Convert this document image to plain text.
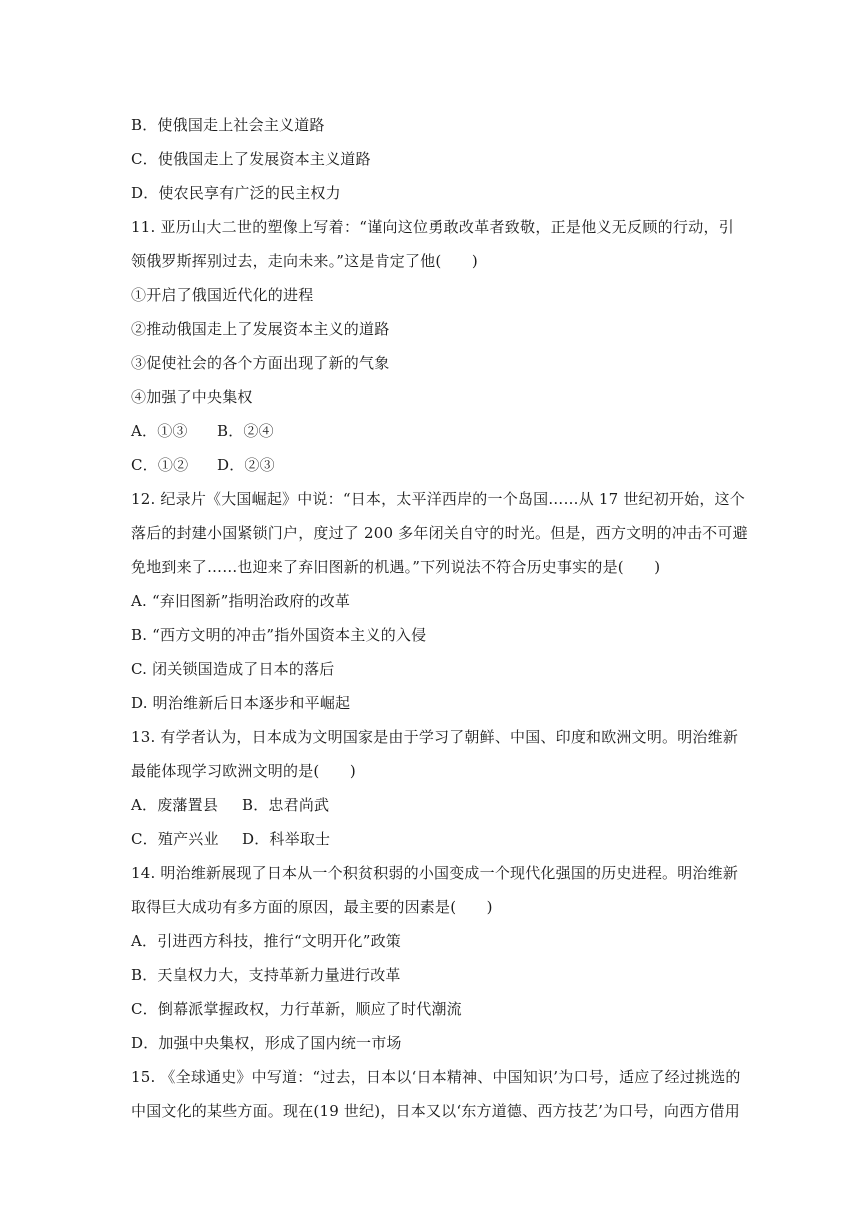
B．使俄国走上社会主义道路
C．使俄国走上了发展资本主义道路
D．使农民享有广泛的民主权力
11. 亚历山大二世的塑像上写着：“谨向这位勇敢改革者致敬，正是他义无反顾的行动，引
领俄罗斯挥别过去，走向未来。”这是肯定了他(　　)
①开启了俄国近代化的进程
②推动俄国走上了发展资本主义的道路
③促使社会的各个方面出现了新的气象
④加强了中央集权
A．①③ B．②④
C．①② D．②③
12. 纪录片《大国崛起》中说：“日本，太平洋西岸的一个岛国……从 17 世纪初开始，这个
落后的封建小国紧锁门户，度过了 200 多年闭关自守的时光。但是，西方文明的冲击不可避
免地到来了……也迎来了弃旧图新的机遇。”下列说法不符合历史事实的是(　　)
A. “弃旧图新”指明治政府的改革
B. “西方文明的冲击”指外国资本主义的入侵
C. 闭关锁国造成了日本的落后
D. 明治维新后日本逐步和平崛起
13. 有学者认为，日本成为文明国家是由于学习了朝鲜、中国、印度和欧洲文明。明治维新
最能体现学习欧洲文明的是(　　)
A．废藩置县 B．忠君尚武
C．殖产兴业 D．科举取士
14. 明治维新展现了日本从一个积贫积弱的小国变成一个现代化强国的历史进程。明治维新
取得巨大成功有多方面的原因，最主要的因素是(　　)
A．引进西方科技，推行“文明开化”政策
B．天皇权力大，支持革新力量进行改革
C．倒幕派掌握政权，力行革新，顺应了时代潮流
D．加强中央集权，形成了国内统一市场
15. 《全球通史》中写道：“过去，日本以‘日本精神、中国知识’为口号，适应了经过挑选的
中国文化的某些方面。现在(19 世纪)，日本又以‘东方道德、西方技艺’为口号，向西方借用
